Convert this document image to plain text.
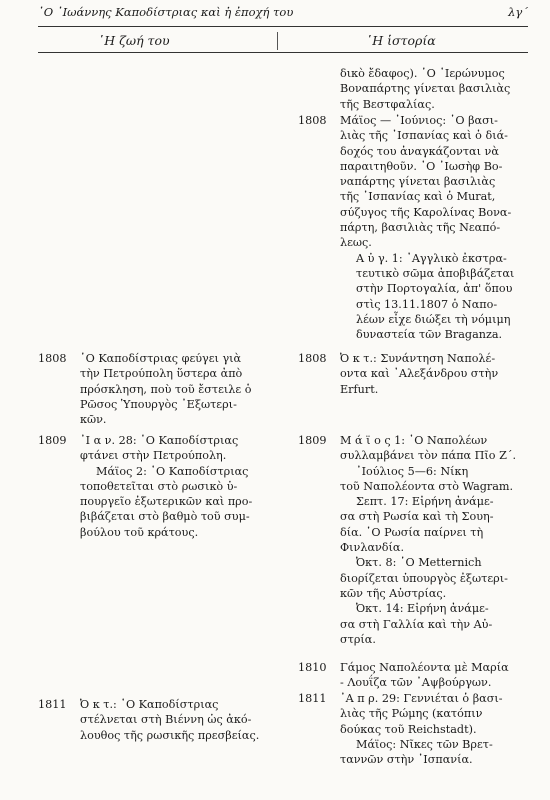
῾Ο ᾿Ιωάννης Καποδίστριας καὶ ἡ ἐποχή του	λγ´
῾Η ζωή του	῾Η ἱστορία
δικὸ ἔδαφος). ῾Ο ῾Ιερώνυμος
Βοναπάρτης γίνεται βασιλιὰς
τῆς Βεστφαλίας.
1808 Μάϊος — ᾿Ιούνιος: ῾Ο βασι-
λιὰς τῆς ᾿Ισπανίας καὶ ὁ διά-
δοχός του ἀναγκάζονται νὰ
παραιτηθοῦν. ῾Ο ᾿Ιωσὴφ Βο-
ναπάρτης γίνεται βασιλιὰς
τῆς ᾿Ισπανίας καὶ ὁ Murat,
σύζυγος τῆς Καρολίνας Βονα-
πάρτη, βασιλιὰς τῆς Νεαπό-
λεως.
Α ὐ γ. 1: ᾿Αγγλικὸ ἐκστρα-
τευτικὸ σῶμα ἀποβιβάζεται
στὴν Πορτογαλία, ἀπ' ὅπου
στὶς 13.11.1807 ὁ Ναπο-
λέων εἶχε διώξει τὴ νόμιμη
δυναστεία τῶν Braganza.
1808 ῾Ο Καποδίστριας φεύγει γιὰ
τὴν Πετρούπολη ὕστερα ἀπὸ
πρόσκληση, ποὺ τοῦ ἔστειλε ὁ
Ρῶσος Ὑπουργὸς ᾿Εξωτερι-
κῶν.
1808 Ὀ κ τ.: Συνάντηση Ναπολέ-
οντα καὶ ᾿Αλεξάνδρου στὴν
Erfurt.
1809 ᾿Ι α ν. 28: ῾Ο Καποδίστριας
φτάνει στὴν Πετρούπολη.
Μάϊος 2: ῾Ο Καποδίστριας
τοποθετεῖται στὸ ρωσικὸ ὑ-
πουργεῖο ἐξωτερικῶν καὶ προ-
βιβάζεται στὸ βαθμὸ τοῦ συμ-
βούλου τοῦ κράτους.
1809 Μ ά ϊ ο ς 1: ῾Ο Ναπολέων
συλλαμβάνει τὸν πάπα Πῖο Ζ´.
᾿Ιούλιος 5—6: Νίκη
τοῦ Ναπολέοντα στὸ Wagram.
Σεπτ. 17: Εἰρήνη ἀνάμε-
σα στὴ Ρωσία καὶ τὴ Σουη-
δία. ῾Ο Ρωσία παίρνει τὴ
Φινλανδία.
Ὀκτ. 8: ῾Ο Metternich
διορίζεται ὑπουργὸς ἐξωτερι-
κῶν τῆς Αὐστρίας.
Ὀκτ. 14: Εἰρήνη ἀνάμε-
σα στὴ Γαλλία καὶ τὴν Αὐ-
στρία.
1810 Γάμος Ναπολέοντα μὲ Μαρία
- Λουΐζα τῶν ᾿Αψβούργων.
1811 Ὀ κ τ.: ῾Ο Καποδίστριας
στέλνεται στὴ Βιέννη ὡς ἀκό-
λουθος τῆς ρωσικῆς πρεσβείας.
1811 ᾿Α π ρ. 29: Γεννιέται ὁ βασι-
λιὰς τῆς Ρώμης (κατόπιν
δούκας τοῦ Reichstadt).
Μάϊος: Νῖκες τῶν Βρετ-
ταννῶν στὴν ᾿Ισπανία.
